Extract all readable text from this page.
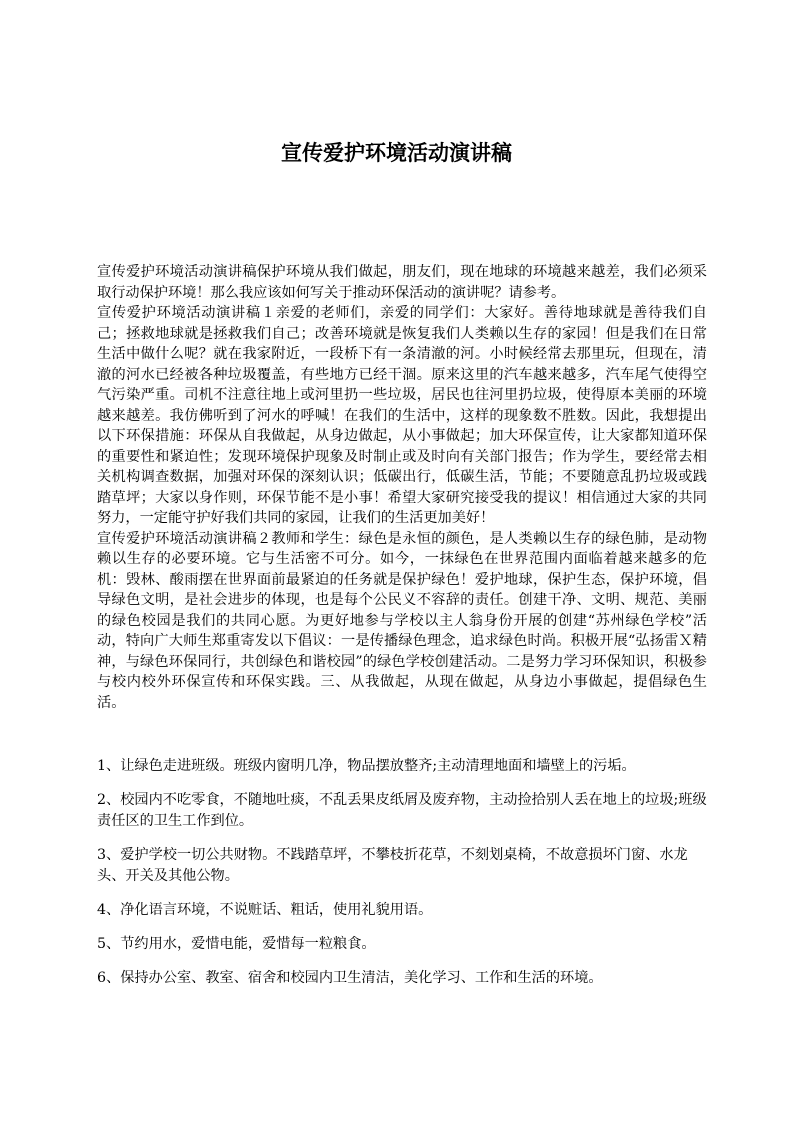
宣传爱护环境活动演讲稿

宣传爱护环境活动演讲稿保护环境从我们做起，朋友们，现在地球的环境越来越差，我们必须采取行动保护环境！那么我应该如何写关于推动环保活动的演讲呢？请参考。

宣传爱护环境活动演讲稿１亲爱的老师们，亲爱的同学们：大家好。善待地球就是善待我们自己；拯救地球就是拯救我们自己；改善环境就是恢复我们人类赖以生存的家园！但是我们在日常生活中做什么呢？就在我家附近，一段桥下有一条清澈的河。小时候经常去那里玩，但现在，清澈的河水已经被各种垃圾覆盖，有些地方已经干涸。原来这里的汽车越来越多，汽车尾气使得空气污染严重。司机不注意往地上或河里扔一些垃圾，居民也往河里扔垃圾，使得原本美丽的环境越来越差。我仿佛听到了河水的呼喊！在我们的生活中，这样的现象数不胜数。因此，我想提出以下环保措施：环保从自我做起，从身边做起，从小事做起；加大环保宣传，让大家都知道环保的重要性和紧迫性；发现环境保护现象及时制止或及时向有关部门报告；作为学生，要经常去相关机构调查数据，加强对环保的深刻认识；低碳出行，低碳生活，节能；不要随意乱扔垃圾或践踏草坪；大家以身作则，环保节能不是小事！希望大家研究接受我的提议！相信通过大家的共同努力，一定能守护好我们共同的家园，让我们的生活更加美好！

宣传爱护环境活动演讲稿２教师和学生：绿色是永恒的颜色，是人类赖以生存的绿色肺，是动物赖以生存的必要环境。它与生活密不可分。如今，一抹绿色在世界范围内面临着越来越多的危机：毁林、酸雨摆在世界面前最紧迫的任务就是保护绿色！爱护地球，保护生态，保护环境，倡导绿色文明，是社会进步的体现，也是每个公民义不容辞的责任。创建干净、文明、规范、美丽的绿色校园是我们的共同心愿。为更好地参与学校以主人翁身份开展的创建“苏州绿色学校”活动，特向广大师生郑重寄发以下倡议：一是传播绿色理念，追求绿色时尚。积极开展“弘扬雷Ｘ精神，与绿色环保同行，共创绿色和谐校园”的绿色学校创建活动。二是努力学习环保知识，积极参与校内校外环保宣传和环保实践。三、从我做起，从现在做起，从身边小事做起，提倡绿色生活。

1、让绿色走进班级。班级内窗明几净，物品摆放整齐;主动清理地面和墙壁上的污垢。
2、校园内不吃零食，不随地吐痰，不乱丢果皮纸屑及废弃物，主动捡拾别人丢在地上的垃圾;班级责任区的卫生工作到位。
3、爱护学校一切公共财物。不践踏草坪，不攀枝折花草，不刻划桌椅，不故意损坏门窗、水龙头、开关及其他公物。
4、净化语言环境，不说赃话、粗话，使用礼貌用语。
5、节约用水，爱惜电能，爱惜每一粒粮食。
6、保持办公室、教室、宿舍和校园内卫生清洁，美化学习、工作和生活的环境。
